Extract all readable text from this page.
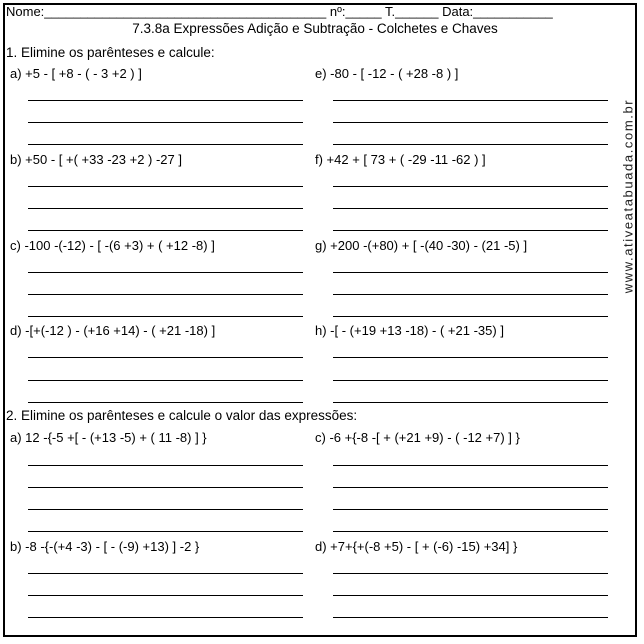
Nome:_______________________________________ nº:_____ T.______ Data:___________
7.3.8a Expressões Adição e Subtração - Colchetes e Chaves
1. Elimine os parênteses e calcule:
2. Elimine os parênteses e calcule o valor das expressões:
a) +5 - [ +8 - ( - 3 +2 ) ]	e) -80 - [ -12 - ( +28 -8 ) ]
b) +50 - [ +( +33 -23 +2 ) -27 ]	f) +42 + [ 73 + ( -29 -11 -62 ) ]
c) -100 -(-12) - [ -(6 +3) + ( +12 -8) ]	g) +200 -(+80) + [ -(40 -30) - (21 -5) ]
d) -[+(-12 ) - (+16 +14) - ( +21 -18) ]	h) -[ - (+19 +13 -18) - ( +21 -35) ]
a) 12 -{-5 +[ - (+13 -5) + ( 11 -8) ] }	c) -6 +{-8 -[ + (+21 +9) - ( -12 +7) ] }
b) -8 -{-(+4 -3) - [ - (-9) +13) ] -2 }	d) +7+{+(-8 +5) - [ + (-6) -15) +34] }
www.ativeatabuada.com.br
